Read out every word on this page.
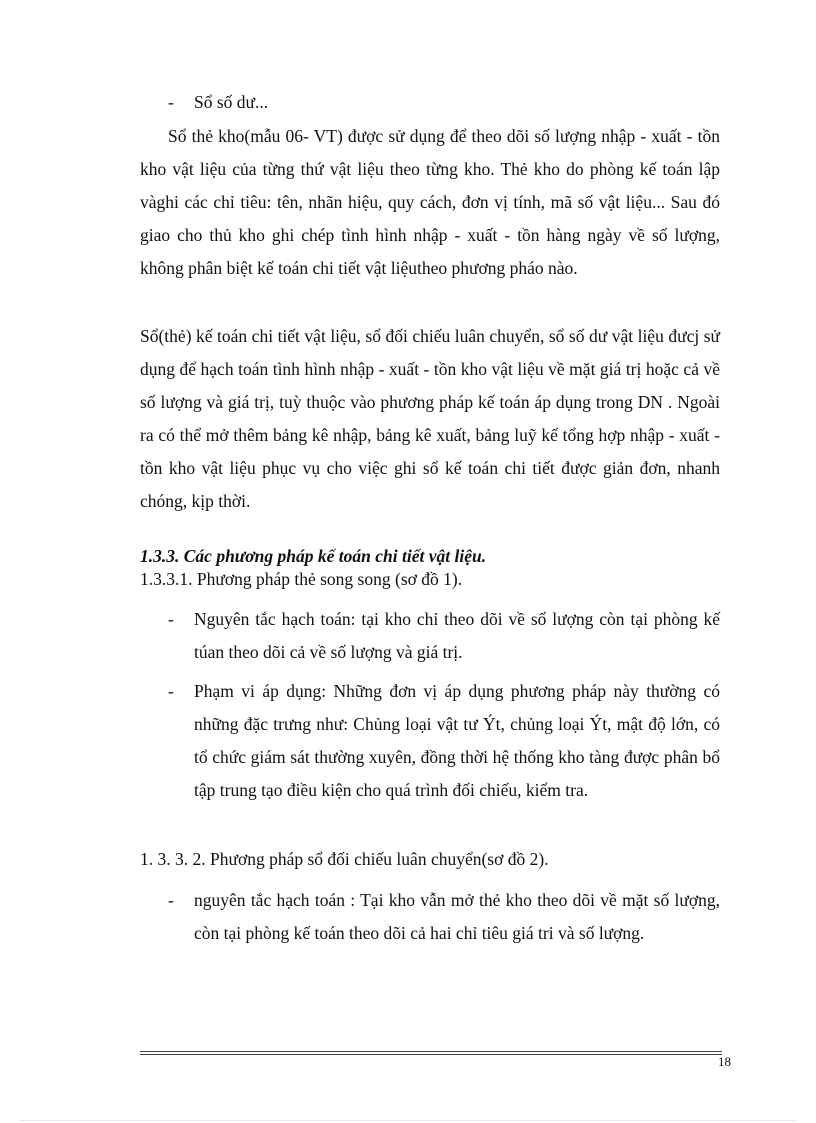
-	Sổ số dư...

Sổ thẻ kho(mẫu 06- VT) được sử dụng để theo dõi số lượng nhập - xuất - tồn kho vật liệu của từng thứ vật liệu theo từng kho. Thẻ kho do phòng kế toán lập vàghi các chỉ tiêu: tên, nhãn hiệu, quy cách, đơn vị tính, mã số vật liệu... Sau đó giao cho thủ kho ghi chép tình hình nhập - xuất - tồn hàng ngày về số lượng, không phân biệt kế toán chi tiết vật liệutheo phương pháo nào.

Sổ(thẻ) kế toán chi tiết vật liệu, sổ đối chiếu luân chuyển, sổ số dư vật liệu đưcj sử dụng để hạch toán tình hình nhập - xuất - tồn kho vật liệu về mặt giá trị hoặc cả về số lượng và giá trị, tuỳ thuộc vào phương pháp kế toán áp dụng trong DN . Ngoài ra có thể mở thêm bảng kê nhập, bảng kê xuất, bảng luỹ kế tổng hợp nhập - xuất - tồn kho vật liệu phục vụ cho việc ghi sổ kế toán chi tiết được giản đơn, nhanh chóng, kịp thời.

1.3.3. Các phương pháp kế toán chi tiết vật liệu.

1.3.3.1. Phương pháp thẻ song song (sơ đồ 1).

-	Nguyên tắc hạch toán: tại kho chỉ theo dõi về số lượng còn tại phòng kế túan theo dõi cả về số lượng và giá trị.

-	Phạm vi áp dụng: Những đơn vị áp dụng phương pháp này thường có những đặc trưng như: Chủng loại vật tư Ýt, chủng loại Ýt, mật độ lớn, có tổ chức giám sát thường xuyên, đồng thời hệ thống kho tàng được phân bổ tập trung tạo điều kiện cho quá trình đối chiếu, kiểm tra.

1. 3. 3. 2. Phương pháp sổ đối chiếu luân chuyển(sơ đồ 2).

-	nguyên tắc hạch toán : Tại kho vẫn mở thẻ kho theo dõi về mặt số lượng, còn tại phòng kế toán theo dõi cả hai chỉ tiêu giá tri và số lượng.

18
